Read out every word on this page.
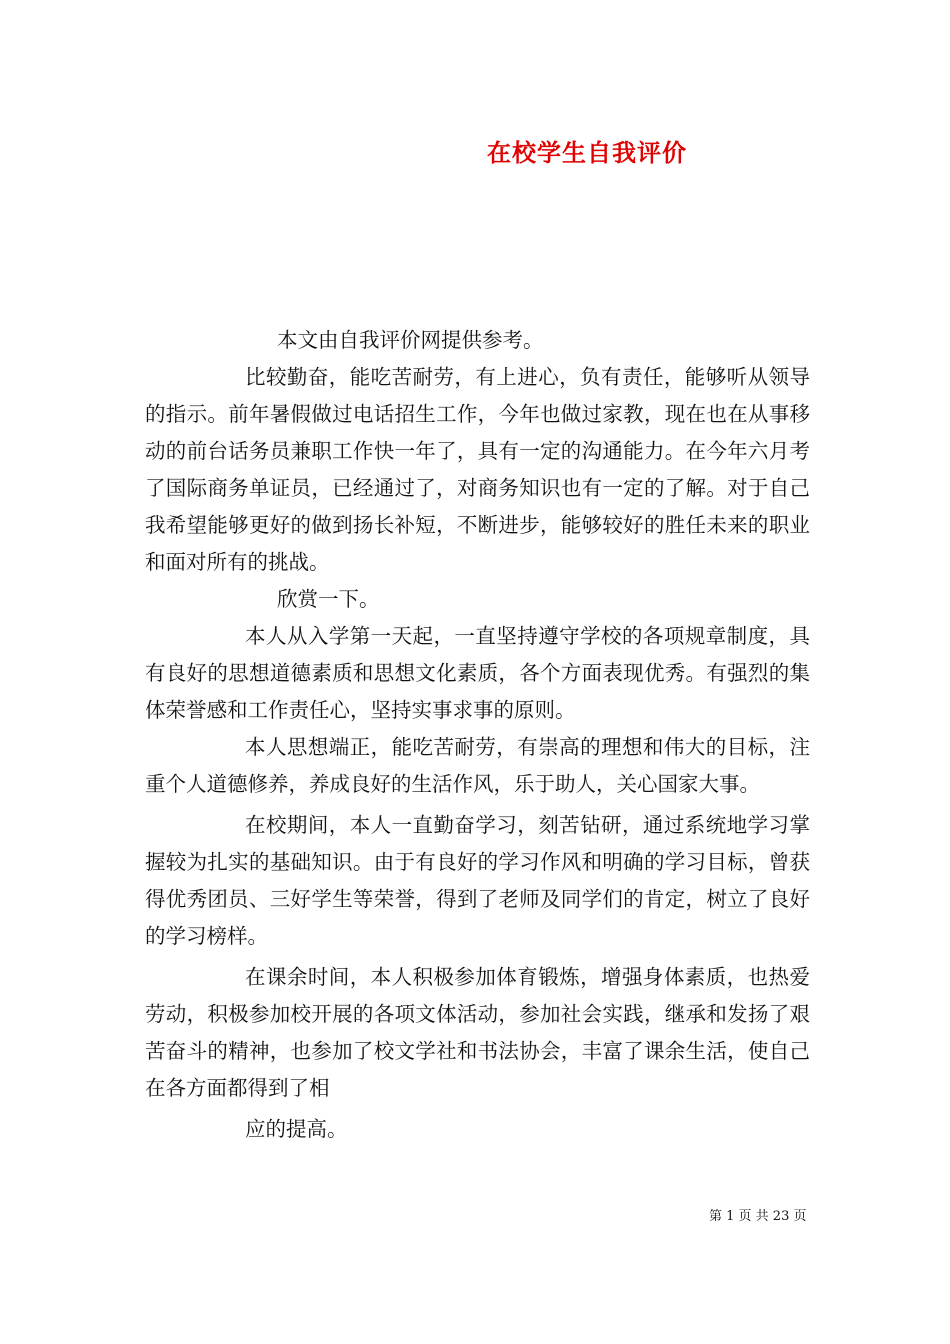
在校学生自我评价

本文由自我评价网提供参考。

比较勤奋，能吃苦耐劳，有上进心，负有责任，能够听从领导的指示。前年暑假做过电话招生工作，今年也做过家教，现在也在从事移动的前台话务员兼职工作快一年了，具有一定的沟通能力。在今年六月考了国际商务单证员，已经通过了，对商务知识也有一定的了解。对于自己我希望能够更好的做到扬长补短，不断进步，能够较好的胜任未来的职业和面对所有的挑战。

欣赏一下。

本人从入学第一天起，一直坚持遵守学校的各项规章制度，具有良好的思想道德素质和思想文化素质，各个方面表现优秀。有强烈的集体荣誉感和工作责任心，坚持实事求事的原则。

本人思想端正，能吃苦耐劳，有崇高的理想和伟大的目标，注重个人道德修养，养成良好的生活作风，乐于助人，关心国家大事。

在校期间，本人一直勤奋学习，刻苦钻研，通过系统地学习掌握较为扎实的基础知识。由于有良好的学习作风和明确的学习目标，曾获得优秀团员、三好学生等荣誉，得到了老师及同学们的肯定，树立了良好的学习榜样。

在课余时间，本人积极参加体育锻炼，增强身体素质，也热爱劳动，积极参加校开展的各项文体活动，参加社会实践，继承和发扬了艰苦奋斗的精神，也参加了校文学社和书法协会，丰富了课余生活，使自己在各方面都得到了相

应的提高。

第 1 页 共 23 页
